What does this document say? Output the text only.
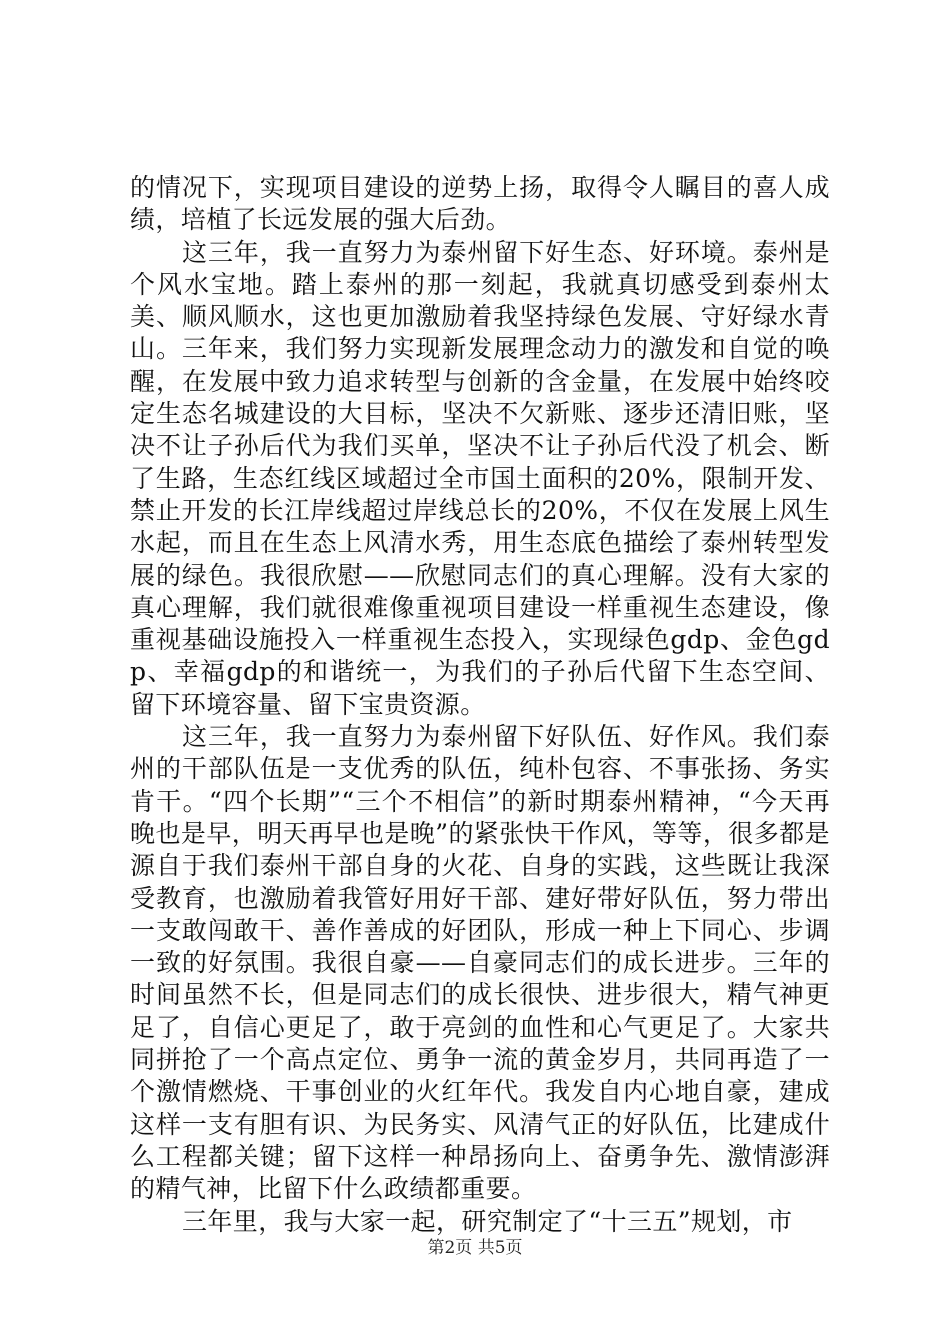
的情况下，实现项目建设的逆势上扬，取得令人瞩目的喜人成绩，培植了长远发展的强大后劲。

这三年，我一直努力为泰州留下好生态、好环境。泰州是个风水宝地。踏上泰州的那一刻起，我就真切感受到泰州太美、顺风顺水，这也更加激励着我坚持绿色发展、守好绿水青山。三年来，我们努力实现新发展理念动力的激发和自觉的唤醒，在发展中致力追求转型与创新的含金量，在发展中始终咬定生态名城建设的大目标，坚决不欠新账、逐步还清旧账，坚决不让子孙后代为我们买单，坚决不让子孙后代没了机会、断了生路，生态红线区域超过全市国土面积的20%，限制开发、禁止开发的长江岸线超过岸线总长的20%，不仅在发展上风生水起，而且在生态上风清水秀，用生态底色描绘了泰州转型发展的绿色。我很欣慰——欣慰同志们的真心理解。没有大家的真心理解，我们就很难像重视项目建设一样重视生态建设，像重视基础设施投入一样重视生态投入，实现绿色gdp、金色gdp、幸福gdp的和谐统一，为我们的子孙后代留下生态空间、留下环境容量、留下宝贵资源。

这三年，我一直努力为泰州留下好队伍、好作风。我们泰州的干部队伍是一支优秀的队伍，纯朴包容、不事张扬、务实肯干。“四个长期”“三个不相信”的新时期泰州精神，“今天再晚也是早，明天再早也是晚”的紧张快干作风，等等，很多都是源自于我们泰州干部自身的火花、自身的实践，这些既让我深受教育，也激励着我管好用好干部、建好带好队伍，努力带出一支敢闯敢干、善作善成的好团队，形成一种上下同心、步调一致的好氛围。我很自豪——自豪同志们的成长进步。三年的时间虽然不长，但是同志们的成长很快、进步很大，精气神更足了，自信心更足了，敢于亮剑的血性和心气更足了。大家共同拼抢了一个高点定位、勇争一流的黄金岁月，共同再造了一个激情燃烧、干事创业的火红年代。我发自内心地自豪，建成这样一支有胆有识、为民务实、风清气正的好队伍，比建成什么工程都关键；留下这样一种昂扬向上、奋勇争先、激情澎湃的精气神，比留下什么政绩都重要。

三年里，我与大家一起，研究制定了“十三五”规划，市

第2页 共5页
